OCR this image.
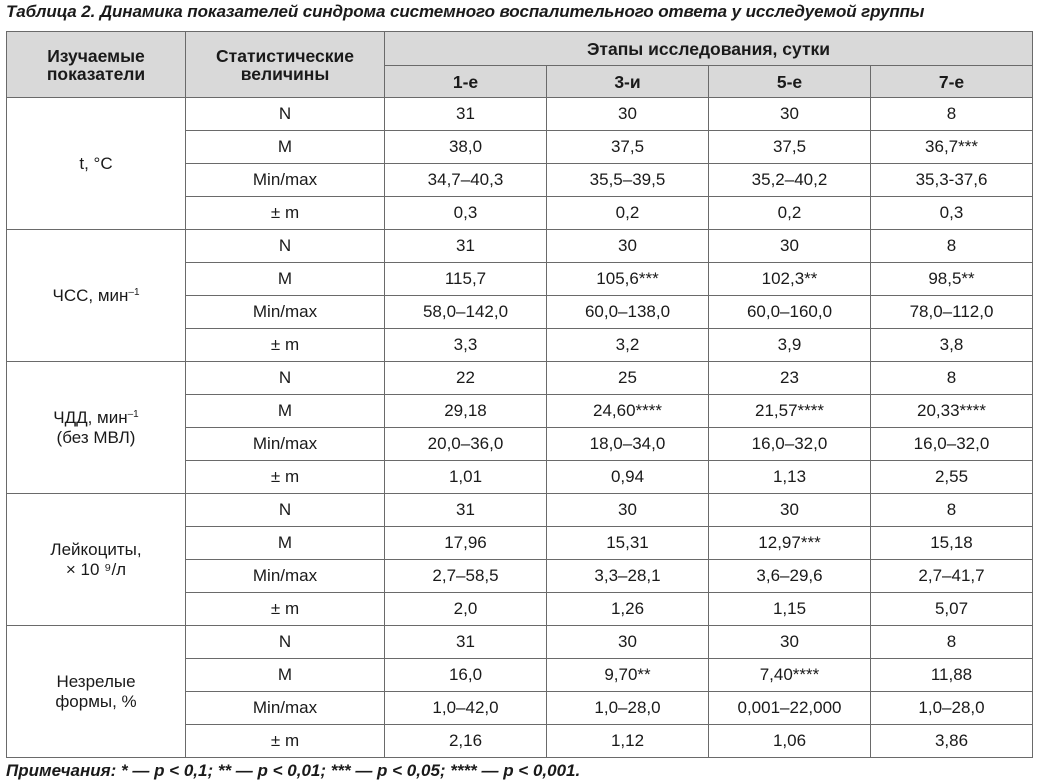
Таблица 2. Динамика показателей синдрома системного воспалительного ответа у исследуемой группы
Изучаемые показатели	Статистические величины	Этапы исследования, сутки			
		1-е	3-и	5-е	7-е
t, °C	N	31	30	30	8
	M	38,0	37,5	37,5	36,7***
	Min/max	34,7–40,3	35,5–39,5	35,2–40,2	35,3-37,6
	± m	0,3	0,2	0,2	0,3
ЧСС, мин$^{-1}$	N	31	30	30	8
	M	115,7	105,6***	102,3**	98,5**
	Min/max	58,0–142,0	60,0–138,0	60,0–160,0	78,0–112,0
	± m	3,3	3,2	3,9	3,8
ЧДД, мин$^{-1}$
(без МВЛ)	N	22	25	23	8
	M	29,18	24,60****	21,57****	20,33****
	Min/max	20,0–36,0	18,0–34,0	16,0–32,0	16,0–32,0
	± m	1,01	0,94	1,13	2,55
Лейкоциты,
× 10 ⁹/л	N	31	30	30	8
	M	17,96	15,31	12,97***	15,18
	Min/max	2,7–58,5	3,3–28,1	3,6–29,6	2,7–41,7
	± m	2,0	1,26	1,15	5,07
Незрелые
формы, %	N	31	30	30	8
	M	16,0	9,70**	7,40****	11,88
	Min/max	1,0–42,0	1,0–28,0	0,001–22,000	1,0–28,0
	± m	2,16	1,12	1,06	3,86
Примечания: * — р < 0,1; ** — р < 0,01; *** — р < 0,05; **** — р < 0,001.
